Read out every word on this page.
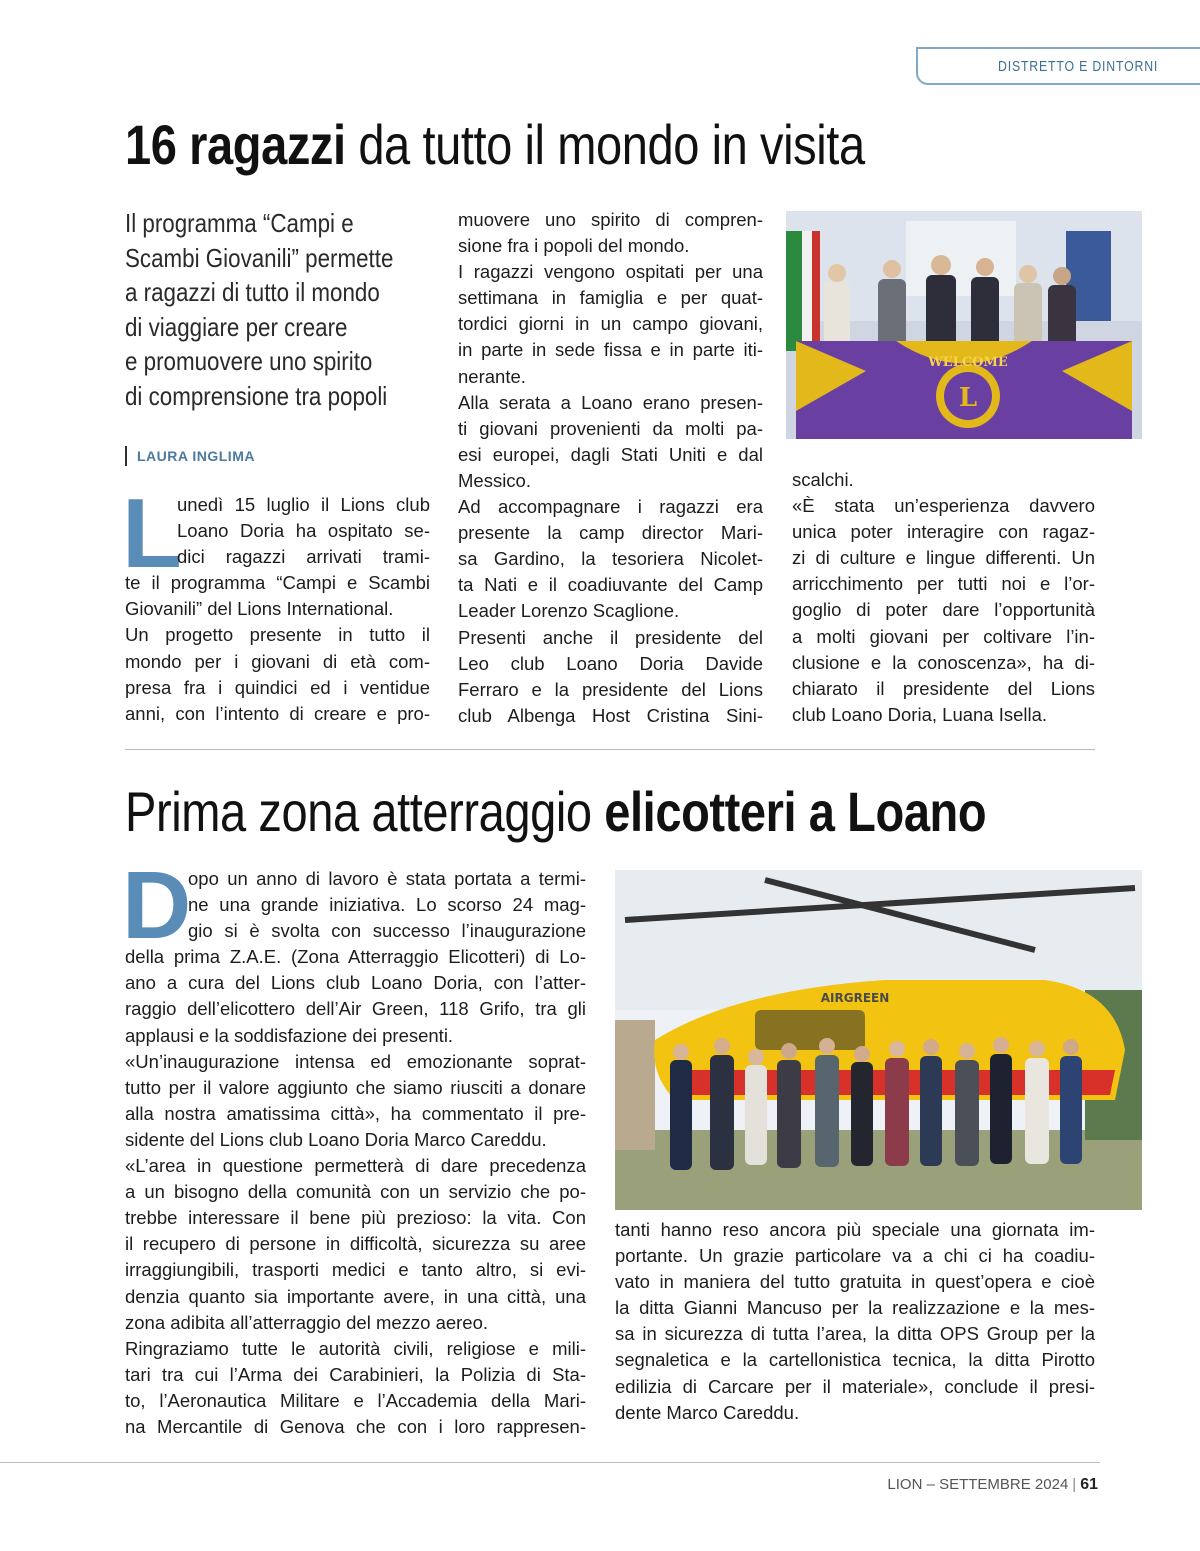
DISTRETTO E DINTORNI
16 ragazzi da tutto il mondo in visita
Il programma “Campi e
Scambi Giovanili” permette
a ragazzi di tutto il mondo
di viaggiare per creare
e promuovere uno spirito
di comprensione tra popoli
LAURA INGLIMA
L
unedì 15 luglio il Lions club
Loano Doria ha ospitato se-
dici ragazzi arrivati trami-
te il programma “Campi e Scambi
Giovanili” del Lions International.
Un progetto presente in tutto il
mondo per i giovani di età com-
presa fra i quindici ed i ventidue
anni, con l’intento di creare e pro-
muovere uno spirito di compren-
sione fra i popoli del mondo.
I ragazzi vengono ospitati per una
settimana in famiglia e per quat-
tordici giorni in un campo giovani,
in parte in sede fissa e in parte iti-
nerante.
Alla serata a Loano erano presen-
ti giovani provenienti da molti pa-
esi europei, dagli Stati Uniti e dal
Messico.
Ad accompagnare i ragazzi era
presente la camp director Mari-
sa Gardino, la tesoriera Nicolet-
ta Nati e il coadiuvante del Camp
Leader Lorenzo Scaglione.
Presenti anche il presidente del
Leo club Loano Doria Davide
Ferraro e la presidente del Lions
club Albenga Host Cristina Sini-
L
WELCOME
scalchi.
«È stata un’esperienza davvero
unica poter interagire con ragaz-
zi di culture e lingue differenti. Un
arricchimento per tutti noi e l’or-
goglio di poter dare l’opportunità
a molti giovani per coltivare l’in-
clusione e la conoscenza», ha di-
chiarato il presidente del Lions
club Loano Doria, Luana Isella.
Prima zona atterraggio elicotteri a Loano
D
opo un anno di lavoro è stata portata a termi-
ne una grande iniziativa. Lo scorso 24 mag-
gio si è svolta con successo l’inaugurazione
della prima Z.A.E. (Zona Atterraggio Elicotteri) di Lo-
ano a cura del Lions club Loano Doria, con l’atter-
raggio dell’elicottero dell’Air Green, 118 Grifo, tra gli
applausi e la soddisfazione dei presenti.
«Un’inaugurazione intensa ed emozionante soprat-
tutto per il valore aggiunto che siamo riusciti a donare
alla nostra amatissima città», ha commentato il pre-
sidente del Lions club Loano Doria Marco Careddu.
«L’area in questione permetterà di dare precedenza
a un bisogno della comunità con un servizio che po-
trebbe interessare il bene più prezioso: la vita. Con
il recupero di persone in difficoltà, sicurezza su aree
irraggiungibili, trasporti medici e tanto altro, si evi-
denzia quanto sia importante avere, in una città, una
zona adibita all’atterraggio del mezzo aereo.
Ringraziamo tutte le autorità civili, religiose e mili-
tari tra cui l’Arma dei Carabinieri, la Polizia di Sta-
to, l’Aeronautica Militare e l’Accademia della Mari-
na Mercantile di Genova che con i loro rappresen-
AIRGREEN
tanti hanno reso ancora più speciale una giornata im-
portante. Un grazie particolare va a chi ci ha coadiu-
vato in maniera del tutto gratuita in quest’opera e cioè
la ditta Gianni Mancuso per la realizzazione e la mes-
sa in sicurezza di tutta l’area, la ditta OPS Group per la
segnaletica e la cartellonistica tecnica, la ditta Pirotto
edilizia di Carcare per il materiale», conclude il presi-
dente Marco Careddu.
LION – SETTEMBRE 2024 | 61
